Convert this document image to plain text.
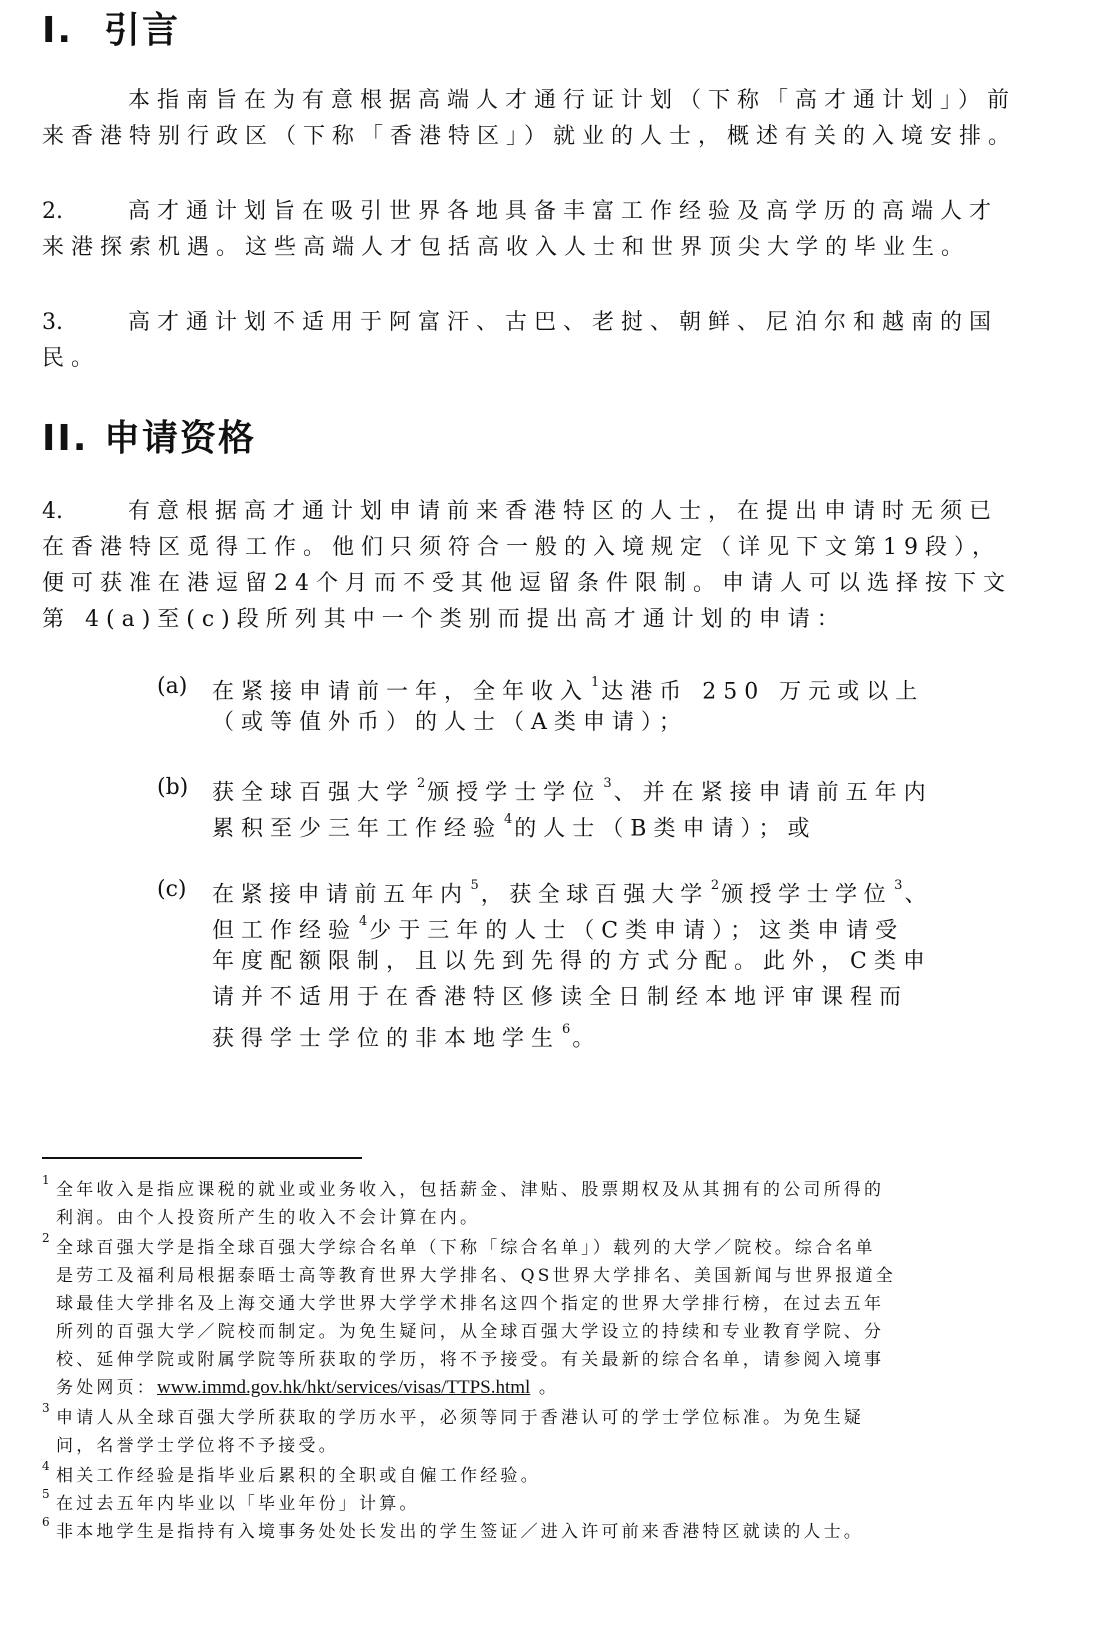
I. 引言
本指南旨在为有意根据高端人才通行证计划（下称「高才通计划」）前
来香港特别行政区（下称「香港特区」）就业的人士，概述有关的入境安排。
2.	高才通计划旨在吸引世界各地具备丰富工作经验及高学历的高端人才
来港探索机遇。这些高端人才包括高收入人士和世界顶尖大学的毕业生。
3.	高才通计划不适用于阿富汗、古巴、老挝、朝鲜、尼泊尔和越南的国
民。
II. 申请资格
4.	有意根据高才通计划申请前来香港特区的人士，在提出申请时无须已
在香港特区觅得工作。他们只须符合一般的入境规定（详见下文第19段），
便可获准在港逗留24个月而不受其他逗留条件限制。申请人可以选择按下文
第 4(a)至(c)段所列其中一个类别而提出高才通计划的申请：
(a) 在紧接申请前一年，全年收入 $^1$达港币 250 万元或以上
（或等值外币）的人士（A类申请）；
(b) 获全球百强大学 $^2$颁授学士学位 $^3$、并在紧接申请前五年内
累积至少三年工作经验 $^4$的人士（B类申请）；或
(c) 在紧接申请前五年内 $^5$，获全球百强大学 $^2$颁授学士学位 $^3$、
但工作经验 $^4$少于三年的人士（C类申请）；这类申请受
年度配额限制，且以先到先得的方式分配。此外，C类申
请并不适用于在香港特区修读全日制经本地评审课程而
获得学士学位的非本地学生 $^6$。
1 全年收入是指应课税的就业或业务收入，包括薪金、津贴、股票期权及从其拥有的公司所得的
利润。由个人投资所产生的收入不会计算在内。
2 全球百强大学是指全球百强大学综合名单（下称「综合名单」）载列的大学／院校。综合名单
是劳工及福利局根据泰晤士高等教育世界大学排名、QS世界大学排名、美国新闻与世界报道全
球最佳大学排名及上海交通大学世界大学学术排名这四个指定的世界大学排行榜，在过去五年
所列的百强大学／院校而制定。为免生疑问，从全球百强大学设立的持续和专业教育学院、分
校、延伸学院或附属学院等所获取的学历，将不予接受。有关最新的综合名单，请参阅入境事
务处网页：www.immd.gov.hk/hkt/services/visas/TTPS.html 。
3 申请人从全球百强大学所获取的学历水平，必须等同于香港认可的学士学位标准。为免生疑
问，名誉学士学位将不予接受。
4 相关工作经验是指毕业后累积的全职或自僱工作经验。
5 在过去五年内毕业以「毕业年份」计算。
6 非本地学生是指持有入境事务处处长发出的学生签证／进入许可前来香港特区就读的人士。
